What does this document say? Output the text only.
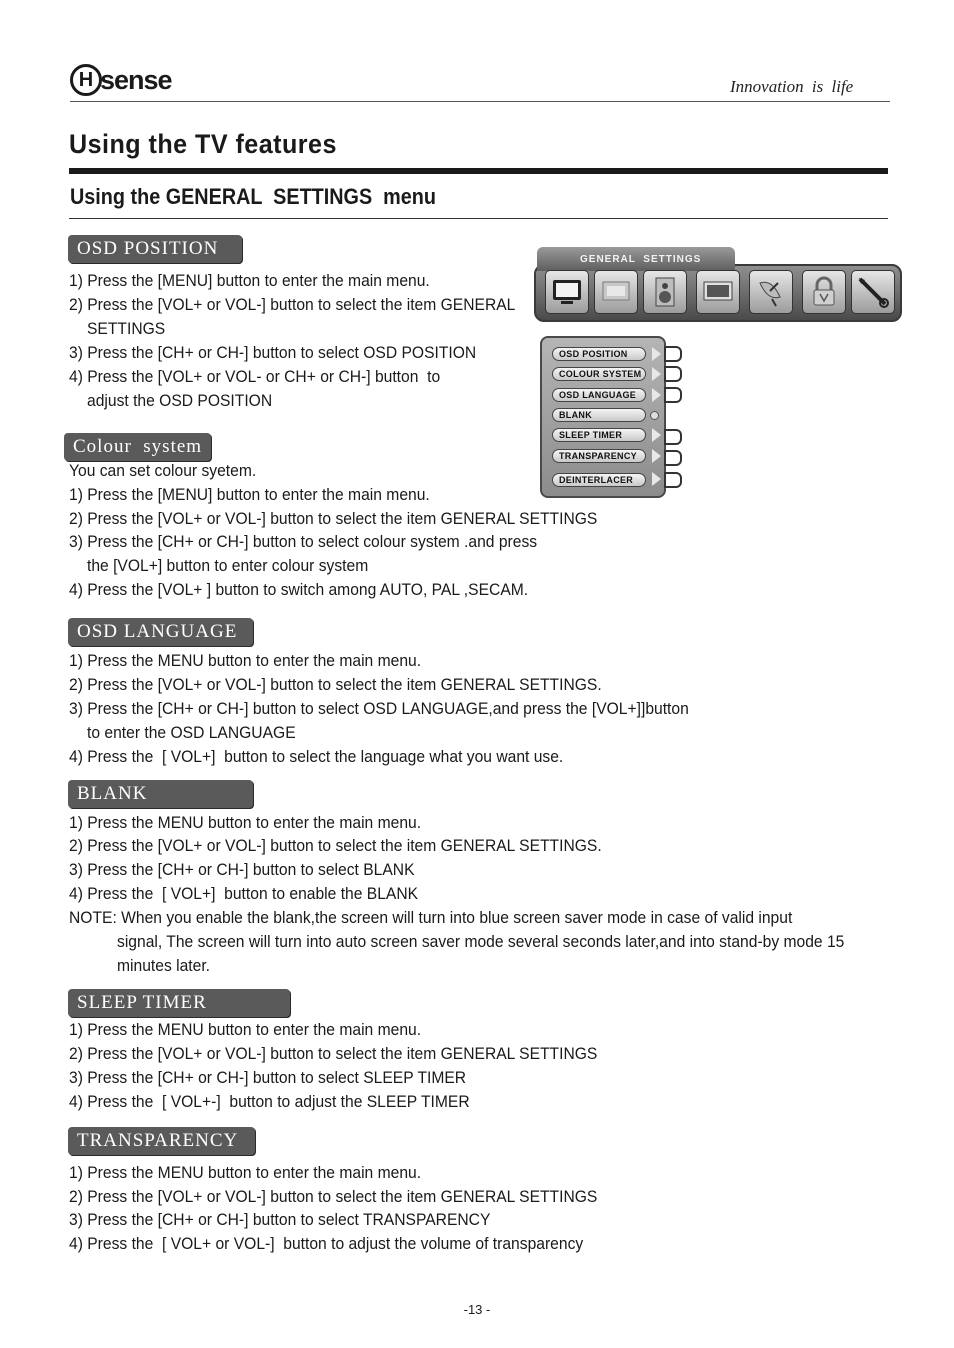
H sense	Innovation is life
Using the TV features
Using the GENERAL  SETTINGS  menu
GENERAL  SETTINGS
OSD POSITION
COLOUR SYSTEM
OSD LANGUAGE
BLANK
SLEEP TIMER
TRANSPARENCY
DEINTERLACER
OSD POSITION
1) Press the [MENU] button to enter the main menu.
2) Press the [VOL+ or VOL-] button to select the item GENERAL
SETTINGS
3) Press the [CH+ or CH-] button to select OSD POSITION
4) Press the [VOL+ or VOL- or CH+ or CH-] button  to
adjust the OSD POSITION
Colour  system
You can set colour syetem.
1) Press the [MENU] button to enter the main menu.
2) Press the [VOL+ or VOL-] button to select the item GENERAL SETTINGS
3) Press the [CH+ or CH-] button to select colour system .and press
the [VOL+] button to enter colour system
4) Press the [VOL+ ] button to switch among AUTO, PAL ,SECAM.
OSD LANGUAGE
1) Press the MENU button to enter the main menu.
2) Press the [VOL+ or VOL-] button to select the item GENERAL SETTINGS.
3) Press the [CH+ or CH-] button to select OSD LANGUAGE,and press the [VOL+]]button
to enter the OSD LANGUAGE
4) Press the  [ VOL+]  button to select the language what you want use.
BLANK
1) Press the MENU button to enter the main menu.
2) Press the [VOL+ or VOL-] button to select the item GENERAL SETTINGS.
3) Press the [CH+ or CH-] button to select BLANK
4) Press the  [ VOL+]  button to enable the BLANK
NOTE: When you enable the blank,the screen will turn into blue screen saver mode in case of valid input
signal, The screen will turn into auto screen saver mode several seconds later,and into stand-by mode 15
minutes later.
SLEEP TIMER
1) Press the MENU button to enter the main menu.
2) Press the [VOL+ or VOL-] button to select the item GENERAL SETTINGS
3) Press the [CH+ or CH-] button to select SLEEP TIMER
4) Press the  [ VOL+-]  button to adjust the SLEEP TIMER
TRANSPARENCY
1) Press the MENU button to enter the main menu.
2) Press the [VOL+ or VOL-] button to select the item GENERAL SETTINGS
3) Press the [CH+ or CH-] button to select TRANSPARENCY
4) Press the  [ VOL+ or VOL-]  button to adjust the volume of transparency
-13 -
